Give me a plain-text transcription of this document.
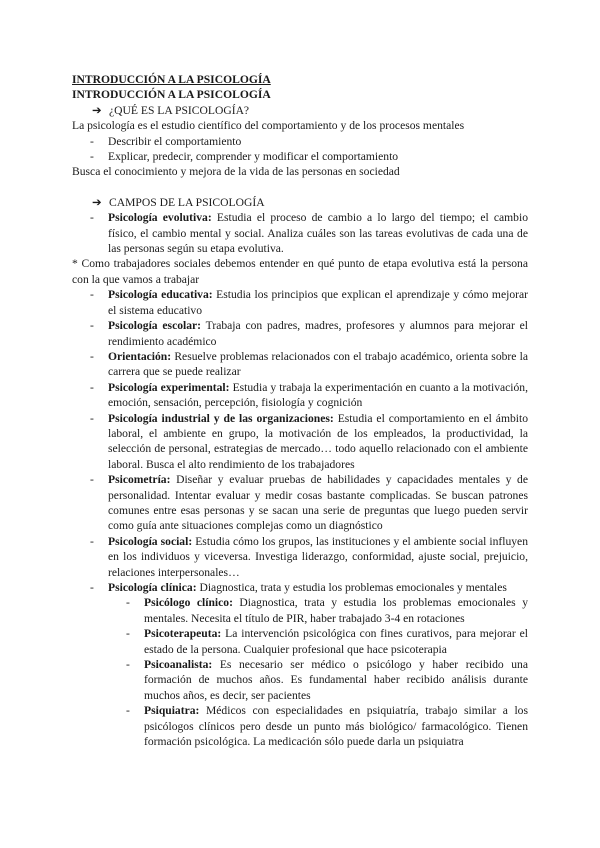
INTRODUCCIÓN A LA PSICOLOGÍA

INTRODUCCIÓN A LA PSICOLOGÍA

➔ ¿QUÉ ES LA PSICOLOGÍA?

La psicología es el estudio científico del comportamiento y de los procesos mentales

- Describir el comportamiento
- Explicar, predecir, comprender y modificar el comportamiento

Busca el conocimiento y mejora de la vida de las personas en sociedad

➔ CAMPOS DE LA PSICOLOGÍA
- Psicología evolutiva: Estudia el proceso de cambio a lo largo del tiempo; el cambio físico, el cambio mental y social. Analiza cuáles son las tareas evolutivas de cada una de las personas según su etapa evolutiva.

* Como trabajadores sociales debemos entender en qué punto de etapa evolutiva está la persona con la que vamos a trabajar

- Psicología educativa: Estudia los principios que explican el aprendizaje y cómo mejorar el sistema educativo
- Psicología escolar: Trabaja con padres, madres, profesores y alumnos para mejorar el rendimiento académico
- Orientación: Resuelve problemas relacionados con el trabajo académico, orienta sobre la carrera que se puede realizar
- Psicología experimental: Estudia y trabaja la experimentación en cuanto a la motivación, emoción, sensación, percepción, fisiología y cognición
- Psicología industrial y de las organizaciones: Estudia el comportamiento en el ámbito laboral, el ambiente en grupo, la motivación de los empleados, la productividad, la selección de personal, estrategias de mercado… todo aquello relacionado con el ambiente laboral. Busca el alto rendimiento de los trabajadores
- Psicometría: Diseñar y evaluar pruebas de habilidades y capacidades mentales y de personalidad. Intentar evaluar y medir cosas bastante complicadas. Se buscan patrones comunes entre esas personas y se sacan una serie de preguntas que luego pueden servir como guía ante situaciones complejas como un diagnóstico
- Psicología social: Estudia cómo los grupos, las instituciones y el ambiente social influyen en los individuos y viceversa. Investiga liderazgo, conformidad, ajuste social, prejuicio, relaciones interpersonales…
- Psicología clínica: Diagnostica, trata y estudia los problemas emocionales y mentales
- Psicólogo clínico: Diagnostica, trata y estudia los problemas emocionales y mentales. Necesita el título de PIR, haber trabajado 3-4 en rotaciones
- Psicoterapeuta: La intervención psicológica con fines curativos, para mejorar el estado de la persona. Cualquier profesional que hace psicoterapia
- Psicoanalista: Es necesario ser médico o psicólogo y haber recibido una formación de muchos años. Es fundamental haber recibido análisis durante muchos años, es decir, ser pacientes
- Psiquiatra: Médicos con especialidades en psiquiatría, trabajo similar a los psicólogos clínicos pero desde un punto más biológico/ farmacológico. Tienen formación psicológica. La medicación sólo puede darla un psiquiatra
